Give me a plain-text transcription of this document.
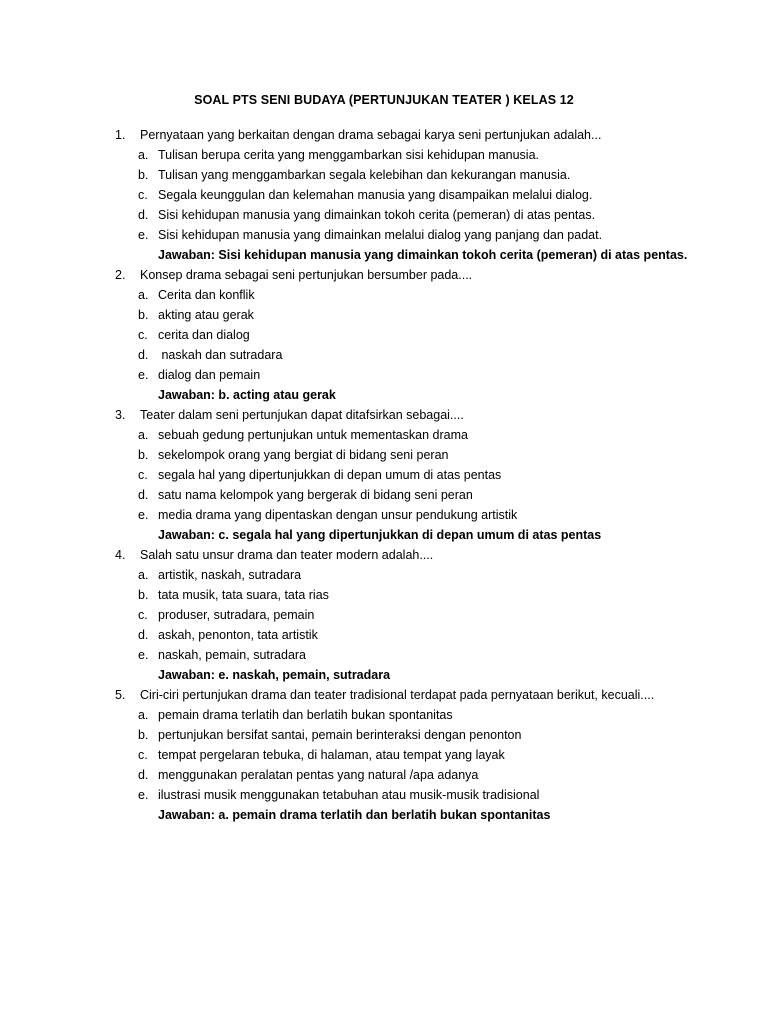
SOAL PTS SENI BUDAYA (PERTUNJUKAN TEATER ) KELAS 12
1.	Pernyataan yang berkaitan dengan drama sebagai karya seni pertunjukan adalah...
a. Tulisan berupa cerita yang menggambarkan sisi kehidupan manusia.
b. Tulisan yang menggambarkan segala kelebihan dan kekurangan manusia.
c. Segala keunggulan dan kelemahan manusia yang disampaikan melalui dialog.
d. Sisi kehidupan manusia yang dimainkan tokoh cerita (pemeran) di atas pentas.
e. Sisi kehidupan manusia yang dimainkan melalui dialog yang panjang dan padat.
Jawaban: Sisi kehidupan manusia yang dimainkan tokoh cerita (pemeran) di atas pentas.
2.	Konsep drama sebagai seni pertunjukan bersumber pada....
a. Cerita dan konflik
b. akting atau gerak
c. cerita dan dialog
d. naskah dan sutradara
e. dialog dan pemain
Jawaban: b. acting atau gerak
3.	Teater dalam seni pertunjukan dapat ditafsirkan sebagai....
a. sebuah gedung pertunjukan untuk mementaskan drama
b. sekelompok orang yang bergiat di bidang seni peran
c. segala hal yang dipertunjukkan di depan umum di atas pentas
d. satu nama kelompok yang bergerak di bidang seni peran
e. media drama yang dipentaskan dengan unsur pendukung artistik
Jawaban: c. segala hal yang dipertunjukkan di depan umum di atas pentas
4.	Salah satu unsur drama dan teater modern adalah....
a. artistik, naskah, sutradara
b. tata musik, tata suara, tata rias
c. produser, sutradara, pemain
d. askah, penonton, tata artistik
e. naskah, pemain, sutradara
Jawaban: e. naskah, pemain, sutradara
5.	Ciri-ciri pertunjukan drama dan teater tradisional terdapat pada pernyataan berikut, kecuali....
a. pemain drama terlatih dan berlatih bukan spontanitas
b. pertunjukan bersifat santai, pemain berinteraksi dengan penonton
c. tempat pergelaran tebuka, di halaman, atau tempat yang layak
d. menggunakan peralatan pentas yang natural /apa adanya
e. ilustrasi musik menggunakan tetabuhan atau musik-musik tradisional
Jawaban: a. pemain drama terlatih dan berlatih bukan spontanitas
